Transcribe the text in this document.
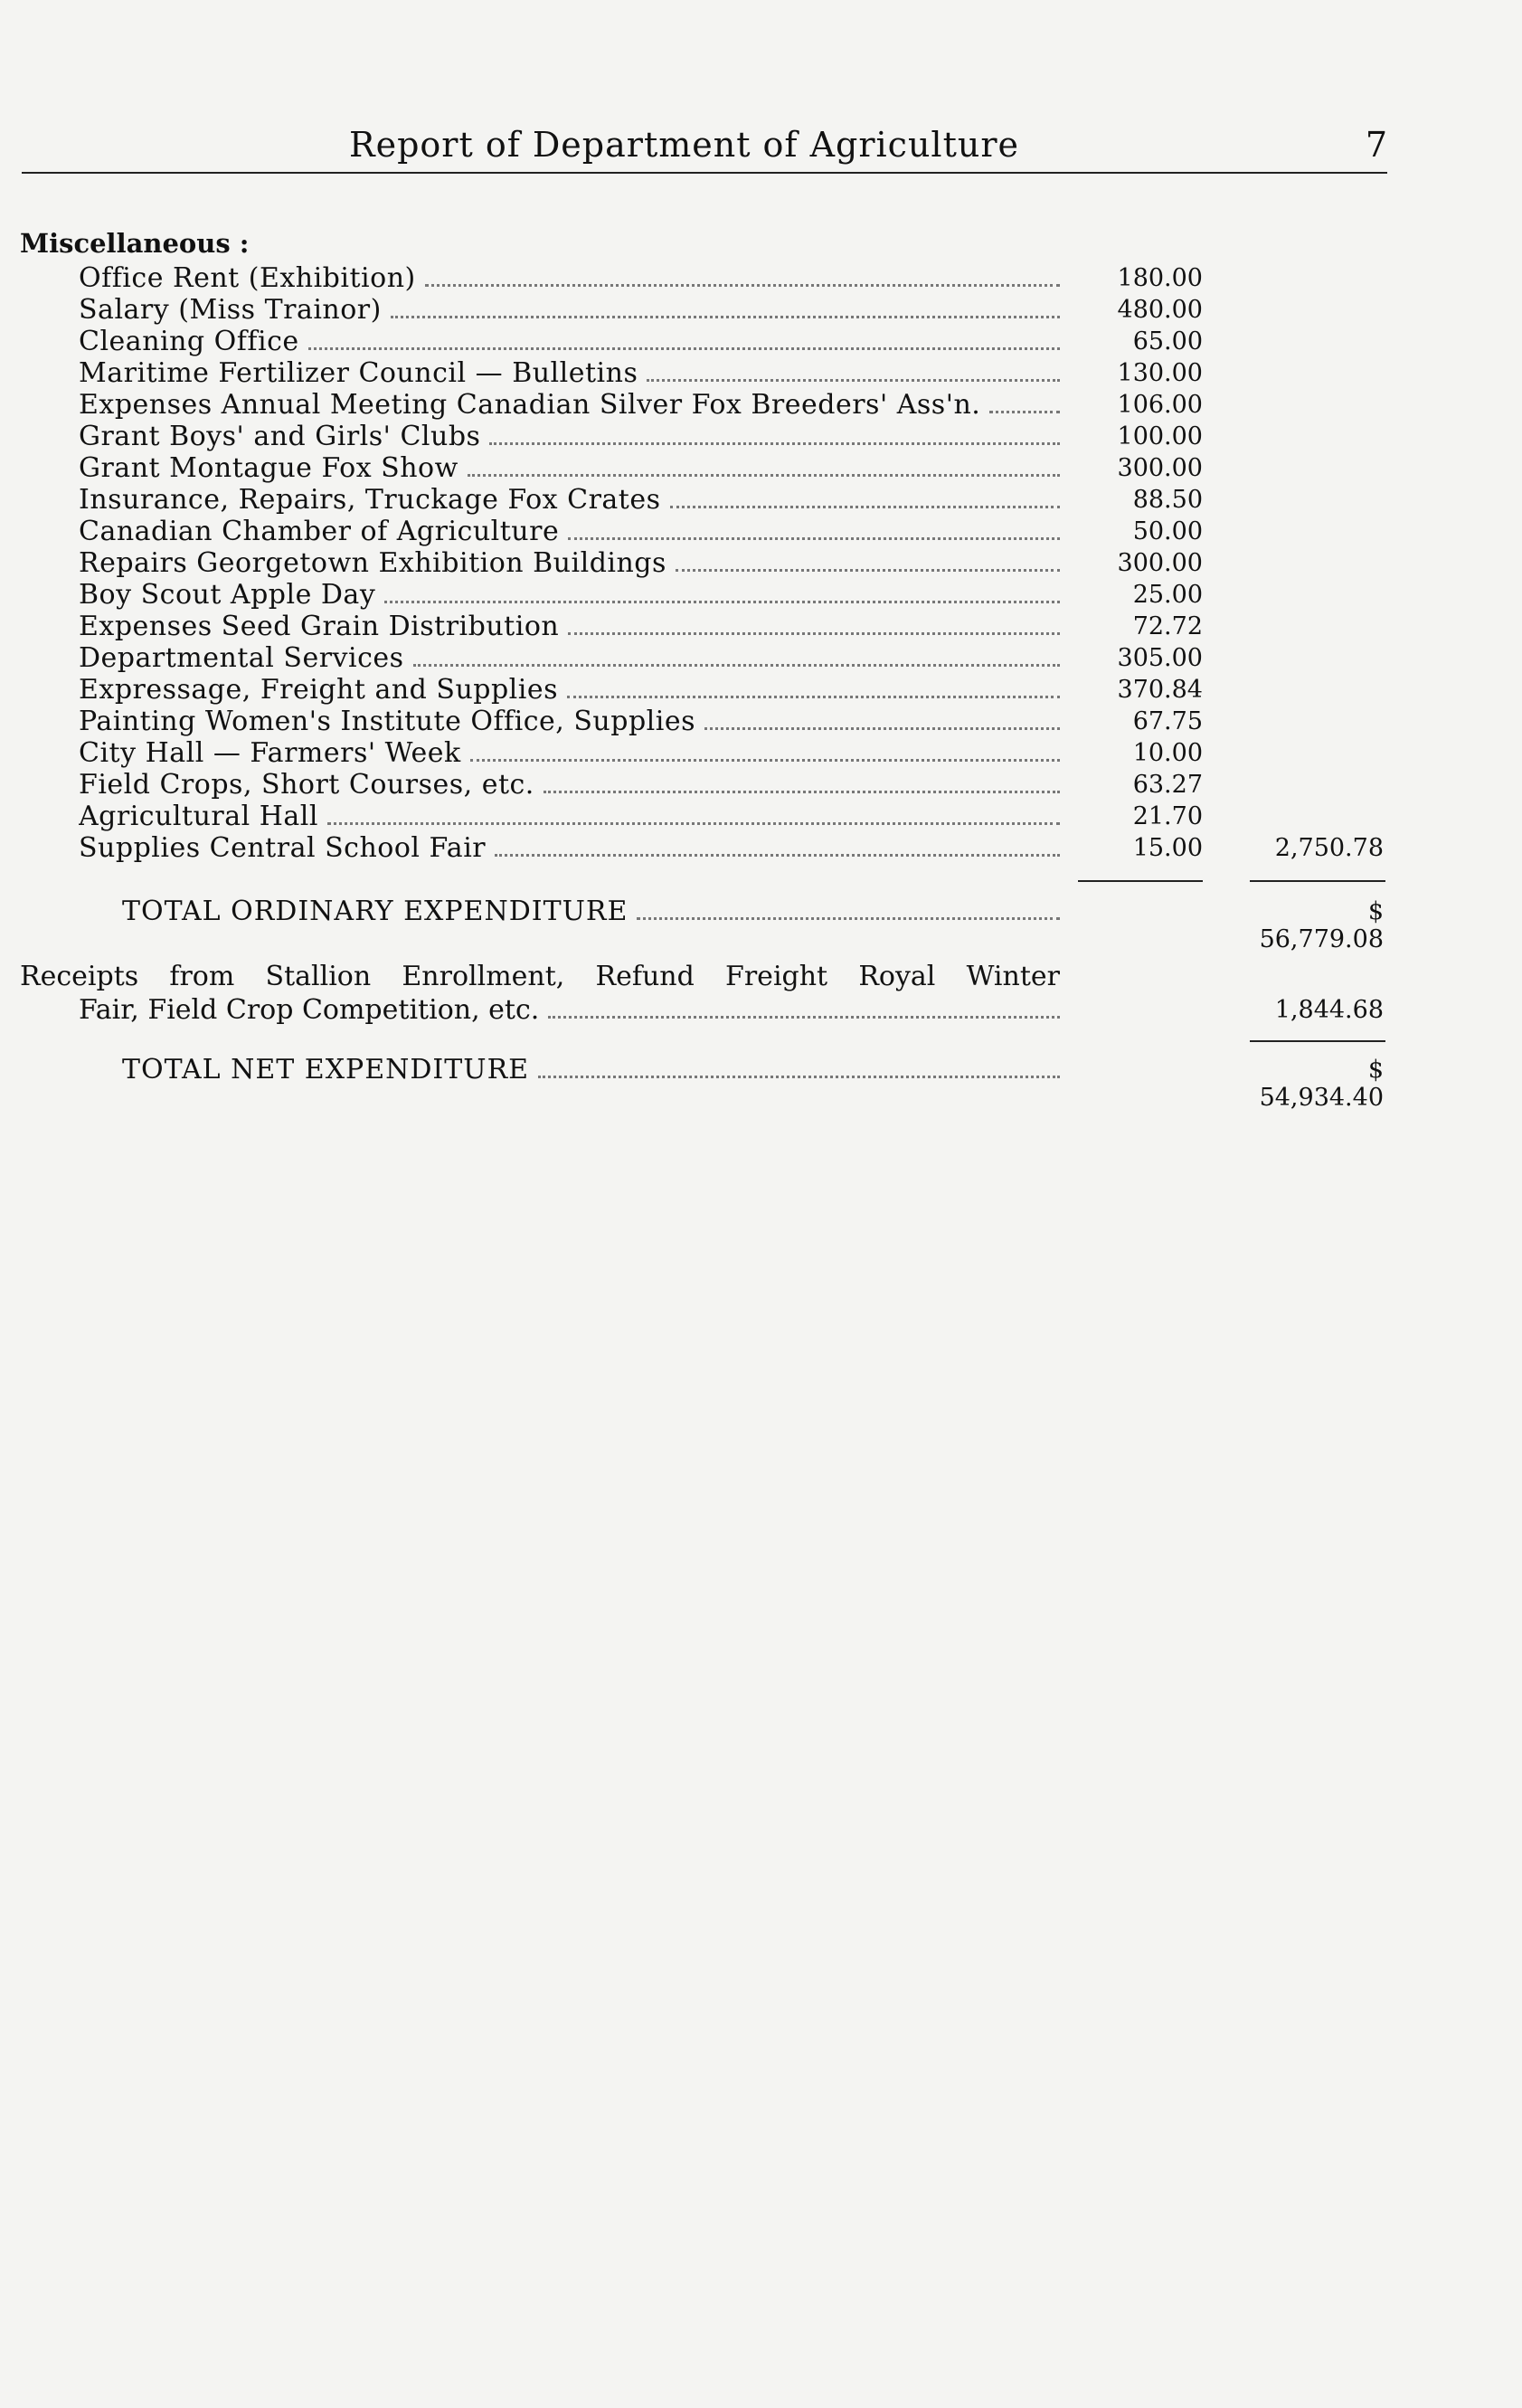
Report of Department of Agriculture	7
Miscellaneous :
Office Rent (Exhibition)	180.00
Salary (Miss Trainor)	480.00
Cleaning Office	65.00
Maritime Fertilizer Council — Bulletins	130.00
Expenses Annual Meeting Canadian Silver Fox Breeders' Ass'n.	106.00
Grant Boys' and Girls' Clubs	100.00
Grant Montague Fox Show	300.00
Insurance, Repairs, Truckage Fox Crates	88.50
Canadian Chamber of Agriculture	50.00
Repairs Georgetown Exhibition Buildings	300.00
Boy Scout Apple Day	25.00
Expenses Seed Grain Distribution	72.72
Departmental Services	305.00
Expressage, Freight and Supplies	370.84
Painting Women's Institute Office, Supplies	67.75
City Hall — Farmers' Week	10.00
Field Crops, Short Courses, etc.	63.27
Agricultural Hall	21.70
Supplies Central School Fair	15.00	2,750.78
TOTAL ORDINARY EXPENDITURE	$ 56,779.08
Receipts from Stallion Enrollment, Refund Freight Royal Winter
Fair, Field Crop Competition, etc.	1,844.68
TOTAL NET EXPENDITURE	$ 54,934.40
